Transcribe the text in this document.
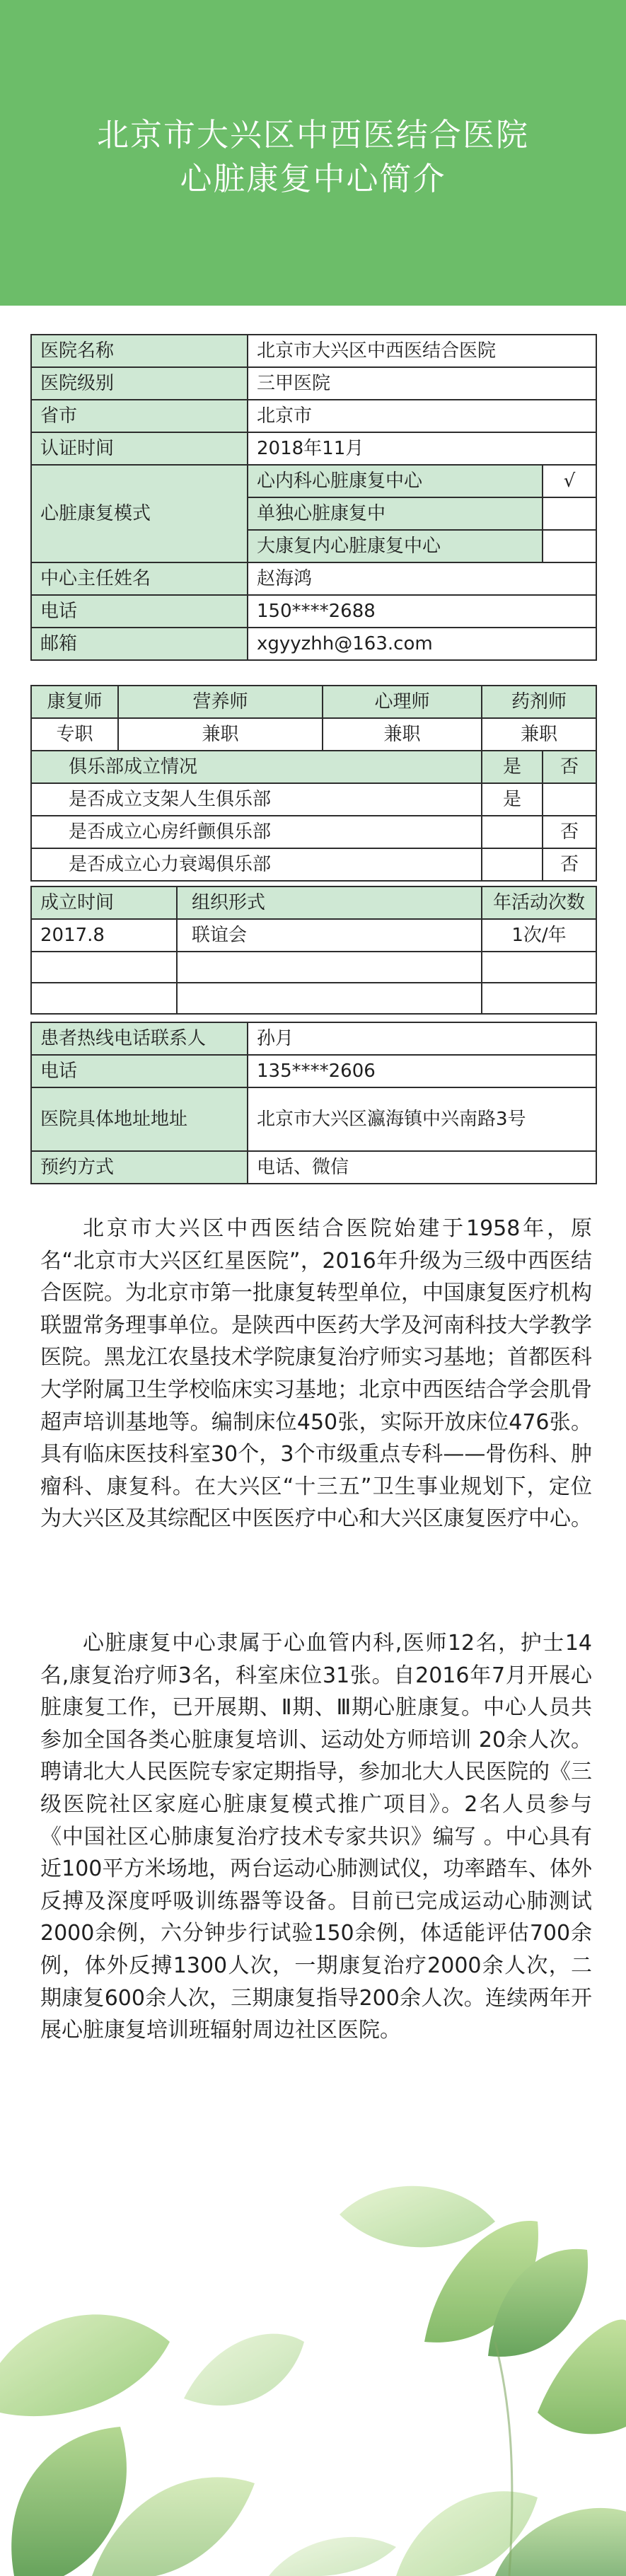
北京市大兴区中西医结合医院
心脏康复中心简介
医院名称	北京市大兴区中西医结合医院	
医院级别	三甲医院	
省市	北京市	
认证时间	2018年11月	
心脏康复模式	心内科心脏康复中心	√
	单独心脏康复中	
	大康复内心脏康复中心	
中心主任姓名	赵海鸿	
电话	150****2688	
邮箱	xgyyzhh@163.com	
康复师	营养师	心理师	药剂师	
专职	兼职	兼职	兼职	
俱乐部成立情况			是	否
是否成立支架人生俱乐部			是	
是否成立心房纤颤俱乐部				否
是否成立心力衰竭俱乐部				否
成立时间	组织形式	年活动次数
2017.8	联谊会	1次/年

患者热线电话联系人	孙月
电话	135****2606
医院具体地址地址	北京市大兴区瀛海镇中兴南路3号
预约方式	电话、微信

北京市大兴区中西医结合医院始建于1958年，原名“北京市大兴区红星医院”，2016年升级为三级中西医结合医院。为北京市第一批康复转型单位，中国康复医疗机构联盟常务理事单位。是陕西中医药大学及河南科技大学教学医院。黑龙江农垦技术学院康复治疗师实习基地；首都医科大学附属卫生学校临床实习基地；北京中西医结合学会肌骨超声培训基地等。编制床位450张，实际开放床位476张。具有临床医技科室30个，3个市级重点专科——骨伤科、肿瘤科、康复科。在大兴区“十三五”卫生事业规划下，定位为大兴区及其综配区中医医疗中心和大兴区康复医疗中心。

心脏康复中心隶属于心血管内科,医师12名，护士14名,康复治疗师3名，科室床位31张。自2016年7月开展心脏康复工作，已开展期、Ⅱ期、Ⅲ期心脏康复。中心人员共参加全国各类心脏康复培训、运动处方师培训 20余人次。聘请北大人民医院专家定期指导，参加北大人民医院的《三级医院社区家庭心脏康复模式推广项目》。2名人员参与《中国社区心肺康复治疗技术专家共识》编写 。中心具有近100平方米场地，两台运动心肺测试仪，功率踏车、体外反搏及深度呼吸训练器等设备。目前已完成运动心肺测试2000余例，六分钟步行试验150余例，体适能评估700余例，体外反搏1300人次，一期康复治疗2000余人次，二期康复600余人次，三期康复指导200余人次。连续两年开展心脏康复培训班辐射周边社区医院。
